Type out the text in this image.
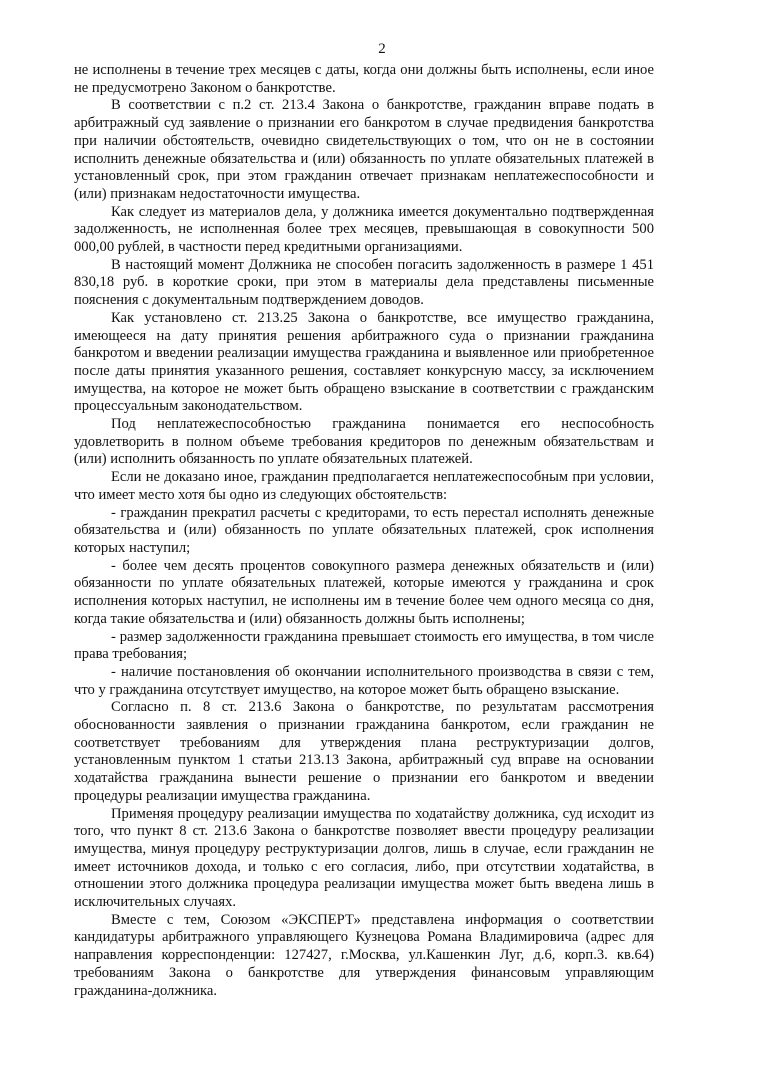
2

не исполнены в течение трех месяцев с даты, когда они должны быть исполнены, если иное не предусмотрено Законом о банкротстве.

В соответствии с п.2 ст. 213.4 Закона о банкротстве, гражданин вправе подать в арбитражный суд заявление о признании его банкротом в случае предвидения банкротства при наличии обстоятельств, очевидно свидетельствующих о том, что он не в состоянии исполнить денежные обязательства и (или) обязанность по уплате обязательных платежей в установленный срок, при этом гражданин отвечает признакам неплатежеспособности и (или) признакам недостаточности имущества.

Как следует из материалов дела, у должника имеется документально подтвержденная задолженность, не исполненная более трех месяцев, превышающая в совокупности 500 000,00 рублей, в частности перед кредитными организациями.

В настоящий момент Должника не способен погасить задолженность в размере 1 451 830,18 руб. в короткие сроки, при этом в материалы дела представлены письменные пояснения с документальным подтверждением доводов.

Как установлено ст. 213.25 Закона о банкротстве, все имущество гражданина, имеющееся на дату принятия решения арбитражного суда о признании гражданина банкротом и введении реализации имущества гражданина и выявленное или приобретенное после даты принятия указанного решения, составляет конкурсную массу, за исключением имущества, на которое не может быть обращено взыскание в соответствии с гражданским процессуальным законодательством.

Под неплатежеспособностью гражданина понимается его неспособность удовлетворить в полном объеме требования кредиторов по денежным обязательствам и (или) исполнить обязанность по уплате обязательных платежей.

Если не доказано иное, гражданин предполагается неплатежеспособным при условии, что имеет место хотя бы одно из следующих обстоятельств:

- гражданин прекратил расчеты с кредиторами, то есть перестал исполнять денежные обязательства и (или) обязанность по уплате обязательных платежей, срок исполнения которых наступил;

- более чем десять процентов совокупного размера денежных обязательств и (или) обязанности по уплате обязательных платежей, которые имеются у гражданина и срок исполнения которых наступил, не исполнены им в течение более чем одного месяца со дня, когда такие обязательства и (или) обязанность должны быть исполнены;

- размер задолженности гражданина превышает стоимость его имущества, в том числе права требования;

- наличие постановления об окончании исполнительного производства в связи с тем, что у гражданина отсутствует имущество, на которое может быть обращено взыскание.

Согласно п. 8 ст. 213.6 Закона о банкротстве, по результатам рассмотрения обоснованности заявления о признании гражданина банкротом, если гражданин не соответствует требованиям для утверждения плана реструктуризации долгов, установленным пунктом 1 статьи 213.13 Закона, арбитражный суд вправе на основании ходатайства гражданина вынести решение о признании его банкротом и введении процедуры реализации имущества гражданина.

Применяя процедуру реализации имущества по ходатайству должника, суд исходит из того, что пункт 8 ст. 213.6 Закона о банкротстве позволяет ввести процедуру реализации имущества, минуя процедуру реструктуризации долгов, лишь в случае, если гражданин не имеет источников дохода, и только с его согласия, либо, при отсутствии ходатайства, в отношении этого должника процедура реализации имущества может быть введена лишь в исключительных случаях.

Вместе с тем, Союзом «ЭКСПЕРТ» представлена информация о соответствии кандидатуры арбитражного управляющего Кузнецова Романа Владимировича (адрес для направления корреспонденции: 127427, г.Москва, ул.Кашенкин Луг, д.6, корп.3. кв.64) требованиям Закона о банкротстве для утверждения финансовым управляющим гражданина-должника.
